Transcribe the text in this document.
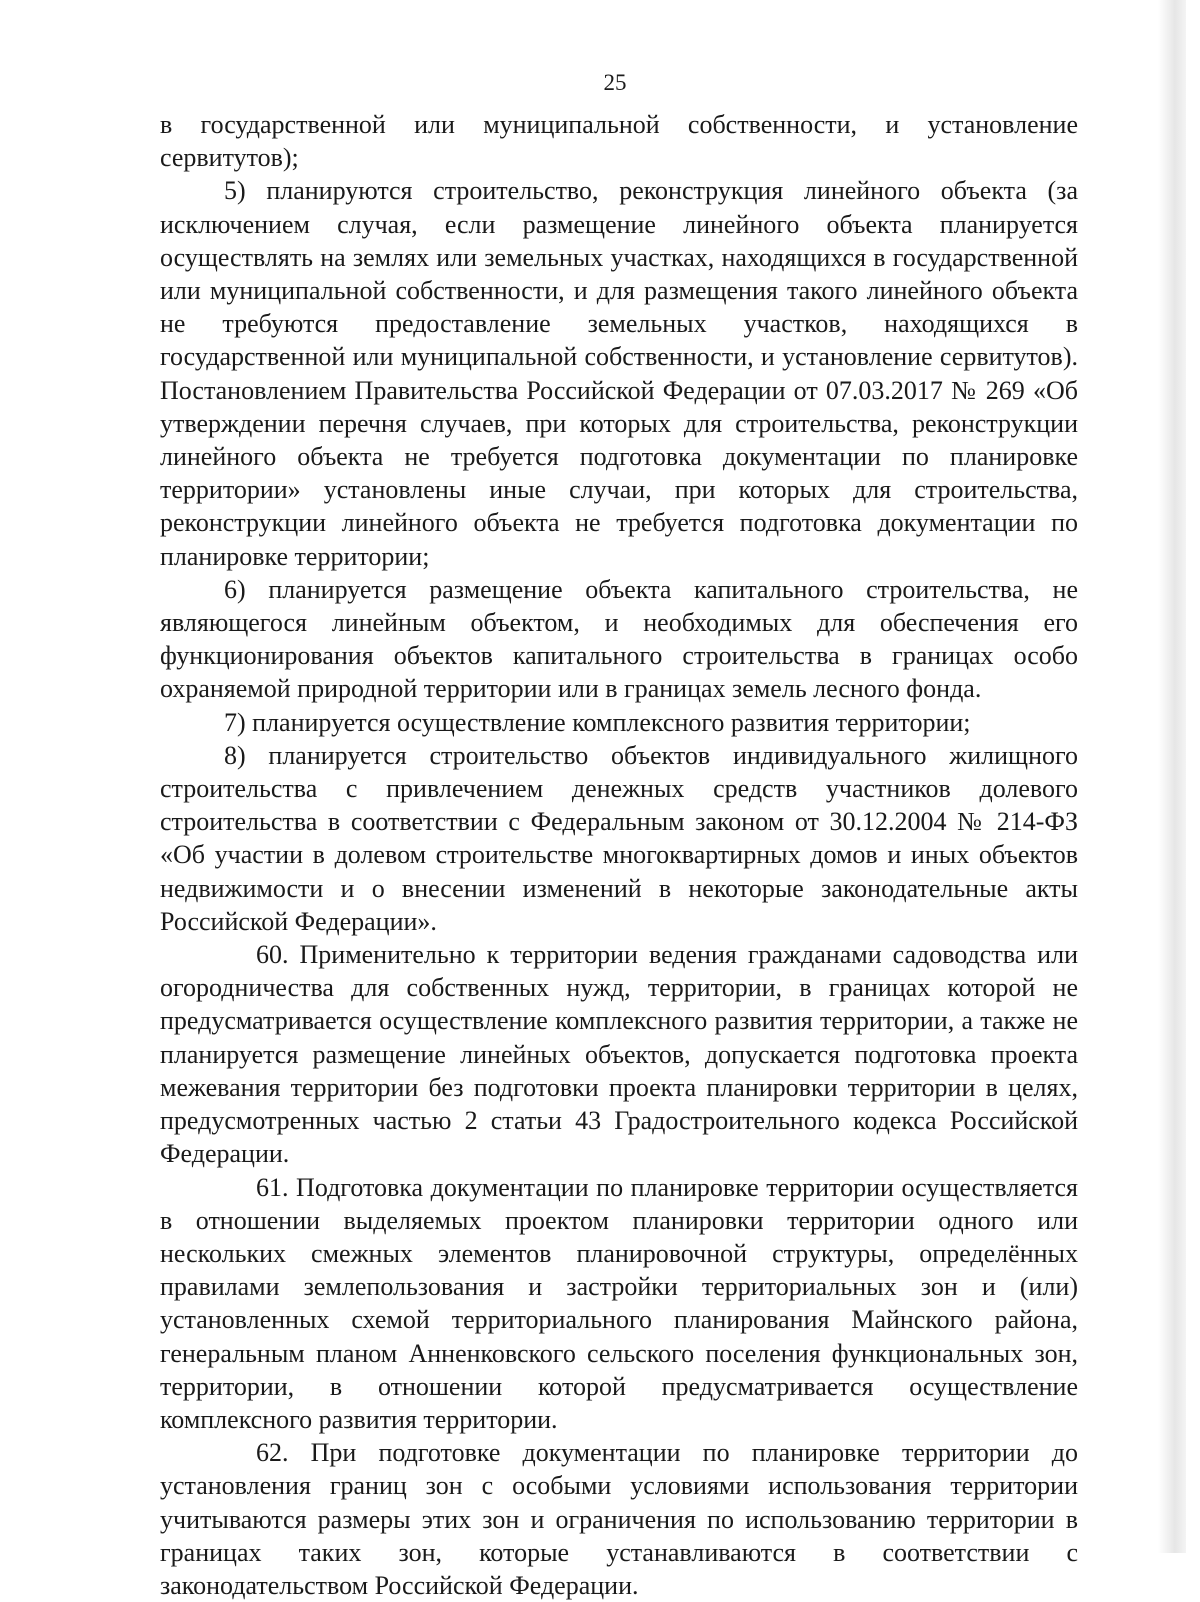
25

в государственной или муниципальной собственности, и установление сервитутов);

5) планируются строительство, реконструкция линейного объекта (за исключением случая, если размещение линейного объекта планируется осуществлять на землях или земельных участках, находящихся в государственной или муниципальной собственности, и для размещения такого линейного объекта не требуются предоставление земельных участков, находящихся в государственной или муниципальной собственности, и установление сервитутов). Постановлением Правительства Российской Федерации от 07.03.2017 № 269 «Об утверждении перечня случаев, при которых для строительства, реконструкции линейного объекта не требуется подготовка документации по планировке территории» установлены иные случаи, при которых для строительства, реконструкции линейного объекта не требуется подготовка документации по планировке территории;

6) планируется размещение объекта капитального строительства, не являющегося линейным объектом, и необходимых для обеспечения его функционирования объектов капитального строительства в границах особо охраняемой природной территории или в границах земель лесного фонда.

7) планируется осуществление комплексного развития территории;

8) планируется строительство объектов индивидуального жилищного строительства с привлечением денежных средств участников долевого строительства в соответствии с Федеральным законом от 30.12.2004 № 214-ФЗ «Об участии в долевом строительстве многоквартирных домов и иных объектов недвижимости и о внесении изменений в некоторые законодательные акты Российской Федерации».

60. Применительно к территории ведения гражданами садоводства или огородничества для собственных нужд, территории, в границах которой не предусматривается осуществление комплексного развития территории, а также не планируется размещение линейных объектов, допускается подготовка проекта межевания территории без подготовки проекта планировки территории в целях, предусмотренных частью 2 статьи 43 Градостроительного кодекса Российской Федерации.

61. Подготовка документации по планировке территории осуществляется в отношении выделяемых проектом планировки территории одного или нескольких смежных элементов планировочной структуры, определённых правилами землепользования и застройки территориальных зон и (или) установленных схемой территориального планирования Майнского района, генеральным планом Анненковского сельского поселения функциональных зон, территории, в отношении которой предусматривается осуществление комплексного развития территории.

62. При подготовке документации по планировке территории до установления границ зон с особыми условиями использования территории учитываются размеры этих зон и ограничения по использованию территории в границах таких зон, которые устанавливаются в соответствии с законодательством Российской Федерации.
